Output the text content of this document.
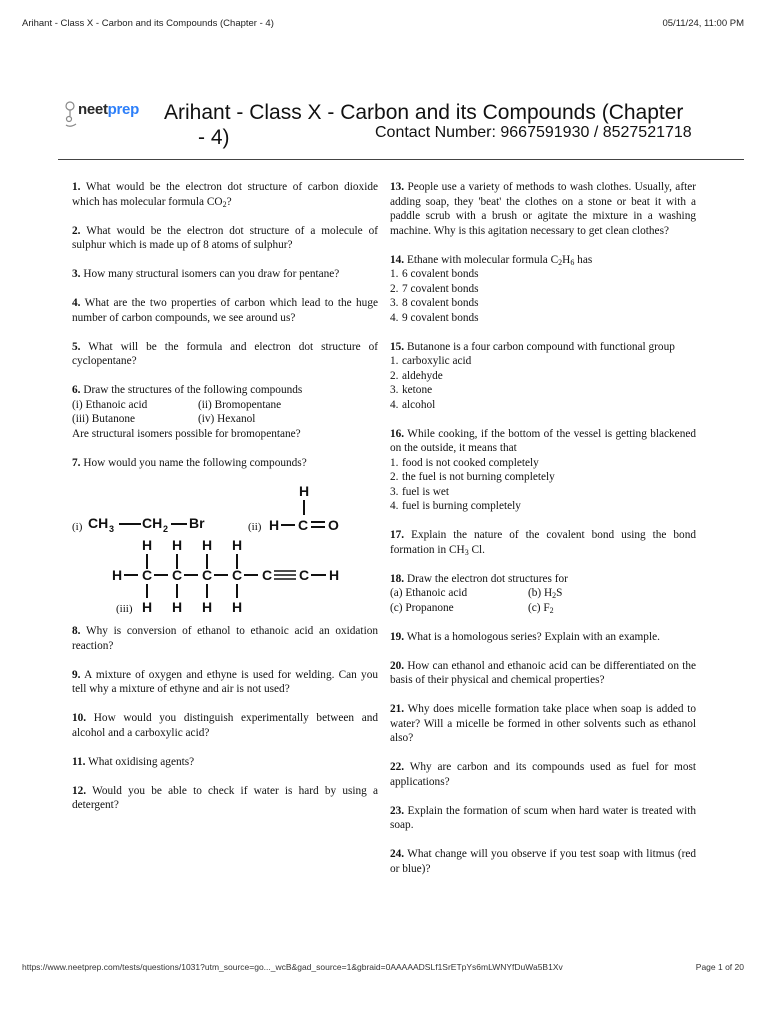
Arihant - Class X - Carbon and its Compounds (Chapter - 4)	05/11/24, 11:00 PM
neetprep Arihant - Class X - Carbon and its Compounds (Chapter
- 4)	Contact Number: 9667591930 / 8527521718

1. What would be the electron dot structure of carbon dioxide which has molecular formula $CO_2$?

2. What would be the electron dot structure of a molecule of sulphur which is made up of 8 atoms of sulphur?

3. How many structural isomers can you draw for pentane?

4. What are the two properties of carbon which lead to the huge number of carbon compounds, we see around us?

5. What will be the formula and electron dot structure of cyclopentane?

6. Draw the structures of the following compounds
(i) Ethanoic acid	(ii) Bromopentane
(iii) Butanone	(iv) Hexanol
Are structural isomers possible for bromopentane?

7. How would you name the following compounds?

(i) CH 3 CH 2 Br	(ii)
H
H C O
H H H H
H C C C C C C H
(iii) H H H H

8. Why is conversion of ethanol to ethanoic acid an oxidation reaction?

9. A mixture of oxygen and ethyne is used for welding. Can you tell why a mixture of ethyne and air is not used?

10. How would you distinguish experimentally between and alcohol and a carboxylic acid?

11. What oxidising agents?

12. Would you be able to check if water is hard by using a detergent?

13. People use a variety of methods to wash clothes. Usually, after adding soap, they 'beat' the clothes on a stone or beat it with a paddle scrub with a brush or agitate the mixture in a washing machine. Why is this agitation necessary to get clean clothes?

14. Ethane with molecular formula $C_2H_6$ has
1. 6 covalent bonds
2. 7 covalent bonds
3. 8 covalent bonds
4. 9 covalent bonds

15. Butanone is a four carbon compound with functional group
1. carboxylic acid
2. aldehyde
3. ketone
4. alcohol

16. While cooking, if the bottom of the vessel is getting blackened on the outside, it means that
1. food is not cooked completely
2. the fuel is not burning completely
3. fuel is wet
4. fuel is burning completely

17. Explain the nature of the covalent bond using the bond formation in $CH_3$ Cl.

18. Draw the electron dot structures for
(a) Ethanoic acid	(b) $H_2S$
(c) Propanone	(c) $F_2$

19. What is a homologous series? Explain with an example.

20. How can ethanol and ethanoic acid can be differentiated on the basis of their physical and chemical properties?

21. Why does micelle formation take place when soap is added to water? Will a micelle be formed in other solvents such as ethanol also?

22. Why are carbon and its compounds used as fuel for most applications?

23. Explain the formation of scum when hard water is treated with soap.

24. What change will you observe if you test soap with litmus (red or blue)?

https://www.neetprep.com/tests/questions/1031?utm_source=go..._wcB&gad_source=1&gbraid=0AAAAADSLf1SrETpYs6mLWNYfDuWa5B1Xv	Page 1 of 20
